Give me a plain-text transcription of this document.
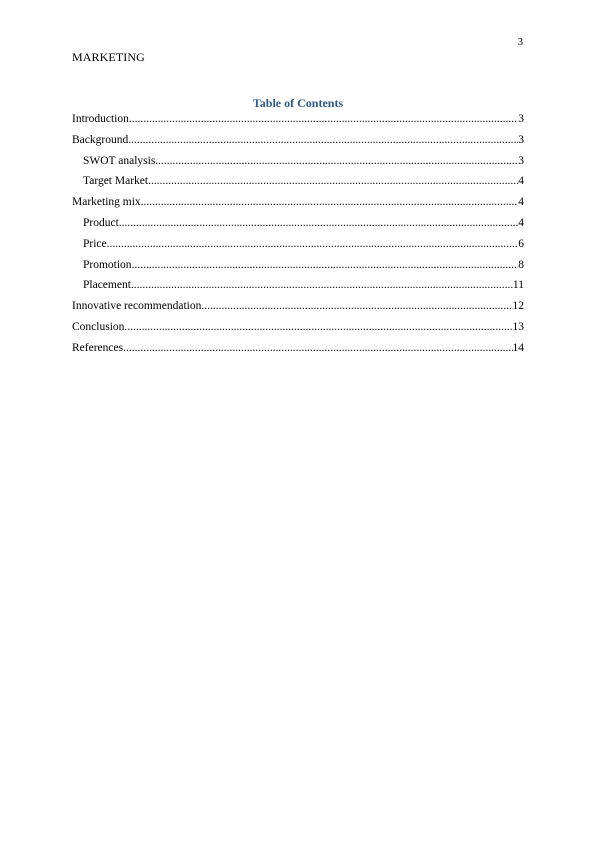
3
MARKETING
Table of Contents
Introduction .....	3
Background .....	3
SWOT analysis .....	3
Target Market .....	4
Marketing mix .....	4
Product .....	4
Price .....	6
Promotion .....	8
Placement .....	11
Innovative recommendation .....	12
Conclusion .....	13
References .....	14
